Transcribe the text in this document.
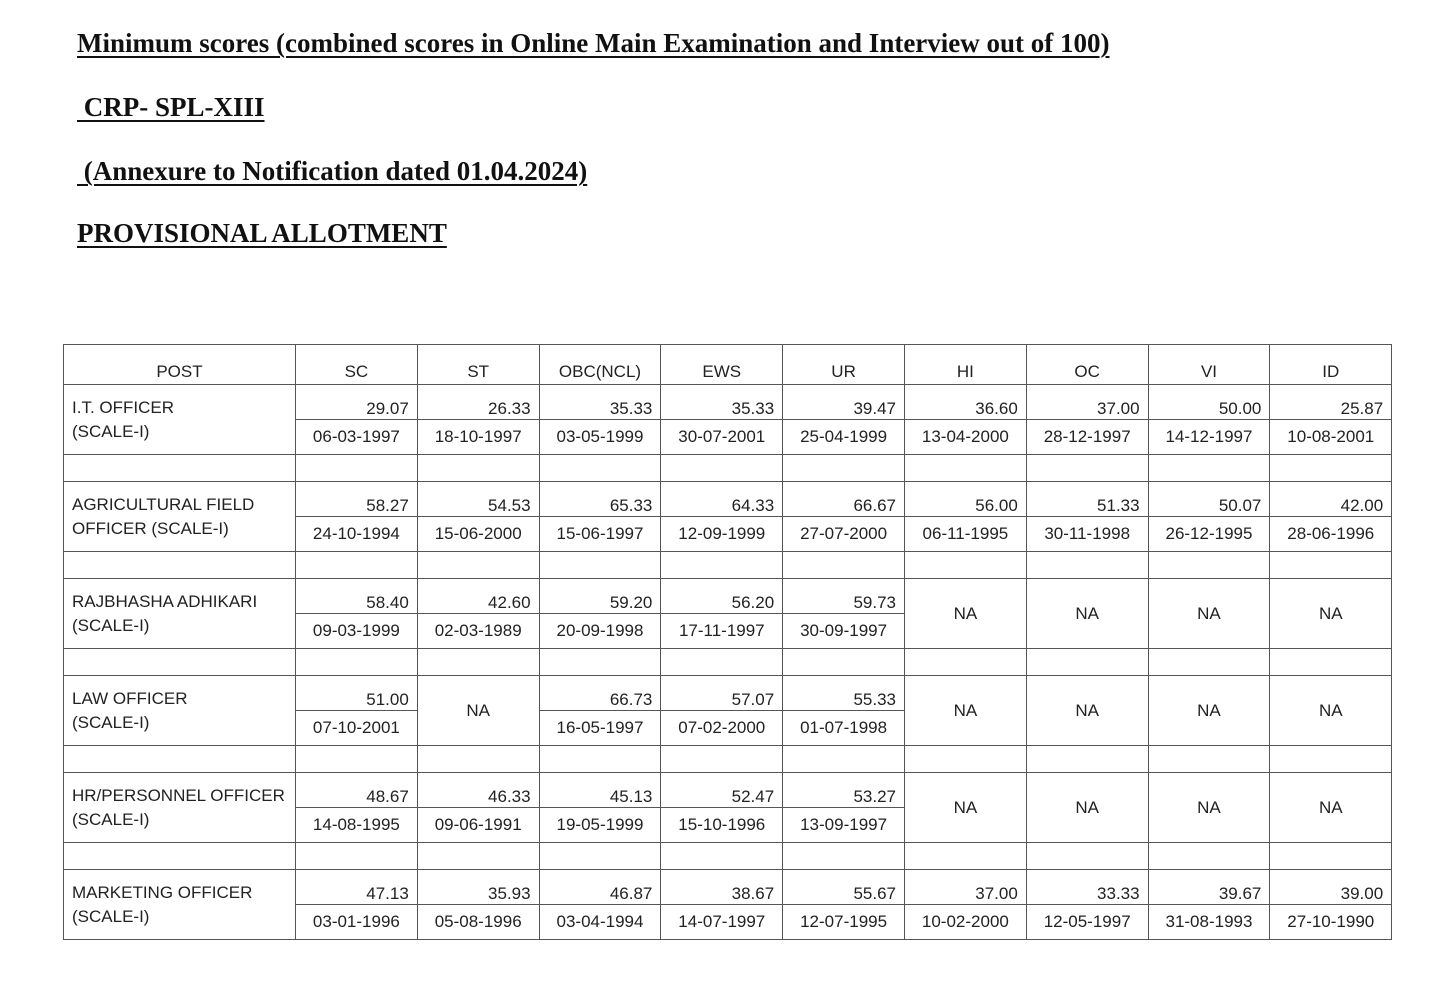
Minimum scores (combined scores in Online Main Examination and Interview out of 100)
CRP- SPL-XIII
(Annexure to Notification dated 01.04.2024)
PROVISIONAL ALLOTMENT
POST	SC	ST	OBC(NCL)	EWS	UR	HI	OC	VI	ID

I.T. OFFICER
(SCALE-I)	29.07	26.33	35.33	35.33	39.47	36.60	37.00	50.00	25.87
	06-03-1997	18-10-1997	03-05-1999	30-07-2001	25-04-1999	13-04-2000	28-12-1997	14-12-1997	10-08-2001

AGRICULTURAL FIELD
OFFICER (SCALE-I)	58.27	54.53	65.33	64.33	66.67	56.00	51.33	50.07	42.00
	24-10-1994	15-06-2000	15-06-1997	12-09-1999	27-07-2000	06-11-1995	30-11-1998	26-12-1995	28-06-1996

RAJBHASHA ADHIKARI
(SCALE-I)	58.40	42.60	59.20	56.20	59.73	NA	NA	NA	NA
	09-03-1999	02-03-1989	20-09-1998	17-11-1997	30-09-1997				

LAW OFFICER
(SCALE-I)	51.00	NA	66.73	57.07	55.33	NA	NA	NA	NA
	07-10-2001		16-05-1997	07-02-2000	01-07-1998				

HR/PERSONNEL OFFICER
(SCALE-I)	48.67	46.33	45.13	52.47	53.27	NA	NA	NA	NA
	14-08-1995	09-06-1991	19-05-1999	15-10-1996	13-09-1997				

MARKETING OFFICER
(SCALE-I)	47.13	35.93	46.87	38.67	55.67	37.00	33.33	39.67	39.00
	03-01-1996	05-08-1996	03-04-1994	14-07-1997	12-07-1995	10-02-2000	12-05-1997	31-08-1993	27-10-1990
